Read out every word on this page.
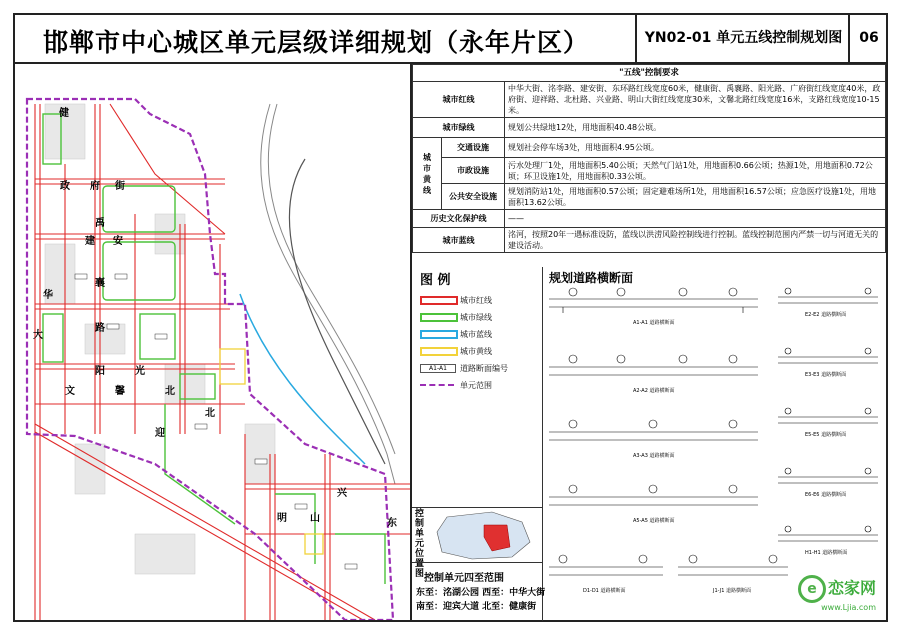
邯郸市中心城区单元层级详细规划（永年片区）	YN02-01 单元五线控制规划图	06
健
政 府 街
禹
建 安
襄
路
阳	光
大
文	馨	北
北
迎
华
明 山
兴
东
"五线"控制要求		
城市红线		中华大街、洺李路、建安街、东环路红线宽度60米，健康街、禹襄路、阳光路、广府街红线宽度40米，政府街、迎祥路、北杜路、兴业路、明山大街红线宽度30米，文馨北路红线宽度16米，支路红线宽度10-15米。
城市绿线		规划公共绿地12处，用地面积40.48公顷。
城市黄线	交通设施	规划社会停车场3处，用地面积4.95公顷。
	市政设施	污水处理厂1处，用地面积5.40公顷；天然气门站1处，用地面积0.66公顷；热源1处，用地面积0.72公顷；环卫设施1处，用地面积0.33公顷。
	公共安全设施	规划消防站1处，用地面积0.57公顷；固定避难场所1处，用地面积16.57公顷；应急医疗设施1处，用地面积13.62公顷。
历史文化保护线		——
城市蓝线		洺河，按照20年一遇标准设防，蓝线以洪涝风险控制线进行控制。蓝线控制范围内严禁一切与河道无关的建设活动。
图 例
城市红线
城市绿线
城市蓝线
城市黄线
A1-A1	道路断面编号
单元范围
控制单元位置图 控制单元四至范围
东至：洺湖公园 西至：中华大街
南至：迎宾大道 北至：健康街
规划道路横断面
A1-A1 道路横断面
A2-A2 道路横断面
A3-A3 道路横断面
A5-A5 道路横断面
D1-D1 道路横断面	J1-J1 道路横断面
E2-E2 道路横断面
E3-E3 道路横断面
E5-E5 道路横断面
E6-E6 道路横断面
H1-H1 道路横断面
e 恋家网
www.Ljia.com
